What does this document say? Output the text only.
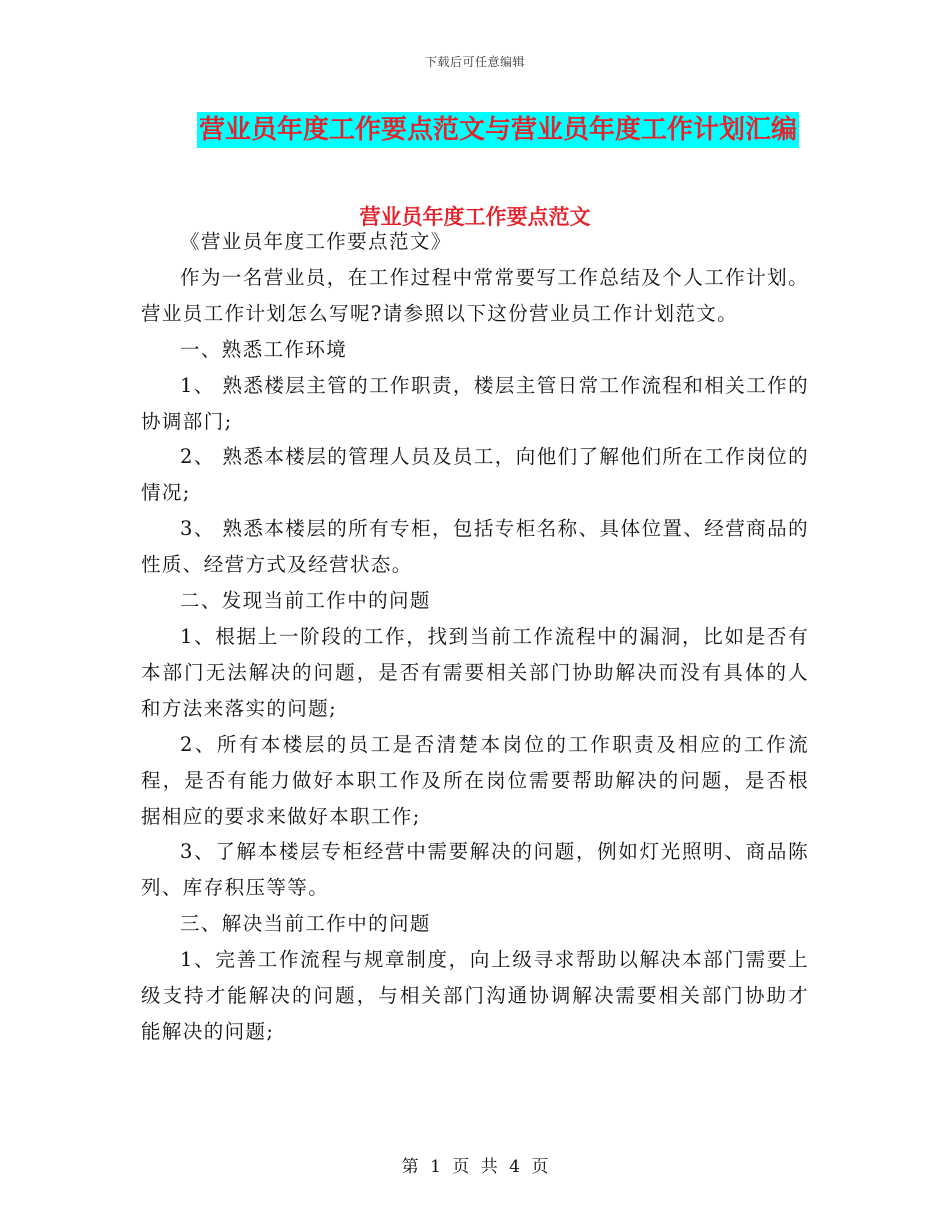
下载后可任意编辑
营业员年度工作要点范文与营业员年度工作计划汇编
营业员年度工作要点范文

《营业员年度工作要点范文》

作为一名营业员，在工作过程中常常要写工作总结及个人工作计划。营业员工作计划怎么写呢?请参照以下这份营业员工作计划范文。

一、熟悉工作环境

1、 熟悉楼层主管的工作职责，楼层主管日常工作流程和相关工作的协调部门;

2、 熟悉本楼层的管理人员及员工，向他们了解他们所在工作岗位的情况;

3、 熟悉本楼层的所有专柜，包括专柜名称、具体位置、经营商品的性质、经营方式及经营状态。

二、发现当前工作中的问题

1、根据上一阶段的工作，找到当前工作流程中的漏洞，比如是否有本部门无法解决的问题，是否有需要相关部门协助解决而没有具体的人和方法来落实的问题;

2、所有本楼层的员工是否清楚本岗位的工作职责及相应的工作流程，是否有能力做好本职工作及所在岗位需要帮助解决的问题，是否根据相应的要求来做好本职工作;

3、了解本楼层专柜经营中需要解决的问题，例如灯光照明、商品陈列、库存积压等等。

三、解决当前工作中的问题

1、完善工作流程与规章制度，向上级寻求帮助以解决本部门需要上级支持才能解决的问题，与相关部门沟通协调解决需要相关部门协助才能解决的问题;

第 1 页 共 4 页
